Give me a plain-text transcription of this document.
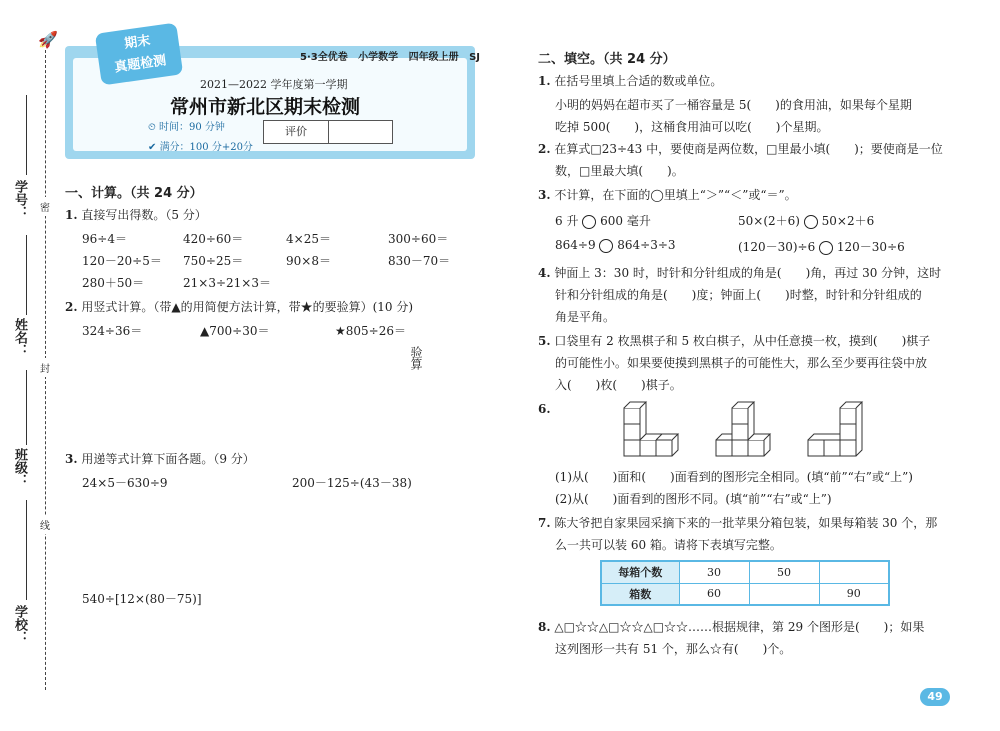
🚀
学号：
姓名：
班级：
学校：
密
封
线
期末
真题检测	5·3全优卷 小学数学 四年级上册 SJ
2021—2022 学年度第一学期
常州市新北区期末检测
⏲ 时间：90 分钟
✔ 满分：100 分+20分
评价
一、计算。（共 24 分）
1. 直接写出得数。（5 分）
96÷4＝	420÷60＝	4×25＝	300÷60＝
120－20÷5＝ 750÷25＝	90×8＝	830－70＝
280＋50＝	21×3÷21×3＝
2. 用竖式计算。（带▲的用简便方法计算，带★的要验算）(10 分)
324÷36＝	▲700÷30＝	★805÷26＝
验算
3. 用递等式计算下面各题。（9 分）
24×5－630÷9	200－125÷(43－38)
540÷[12×(80－75)]
二、填空。（共 24 分）
1. 在括号里填上合适的数或单位。
小明的妈妈在超市买了一桶容量是 5(　　)的食用油，如果每个星期
吃掉 500(　　)，这桶食用油可以吃(　　)个星期。
2. 在算式□23÷43 中，要使商是两位数，□里最小填(　　)；要使商是一位
数，□里最大填(　　)。
3. 不计算，在下面的◯里填上“＞”“＜”或“＝”。
6 升 600 毫升	50×(2＋6) 50×2＋6
864÷9 864÷3÷3	(120－30)÷6 120－30÷6
4. 钟面上 3：30 时，时针和分针组成的角是(　　)角，再过 30 分钟，这时
针和分针组成的角是(　　)度；钟面上(　　)时整，时针和分针组成的
角是平角。
5. 口袋里有 2 枚黑棋子和 5 枚白棋子，从中任意摸一枚，摸到(　　)棋子
的可能性小。如果要使摸到黑棋子的可能性大，那么至少要再往袋中放
入(　　)枚(　　)棋子。
6.
(1)从(　　)面和(　　)面看到的图形完全相同。(填“前”“右”或“上”)
(2)从(　　)面看到的图形不同。(填“前”“右”或“上”)
7. 陈大爷把自家果园采摘下来的一批苹果分箱包装，如果每箱装 30 个，那
么一共可以装 60 箱。请将下表填写完整。
每箱个数	30	50	
箱数	60		90
8. △□☆☆△□☆☆△□☆☆……根据规律，第 29 个图形是(　　)；如果
这列图形一共有 51 个，那么☆有(　　)个。
49
